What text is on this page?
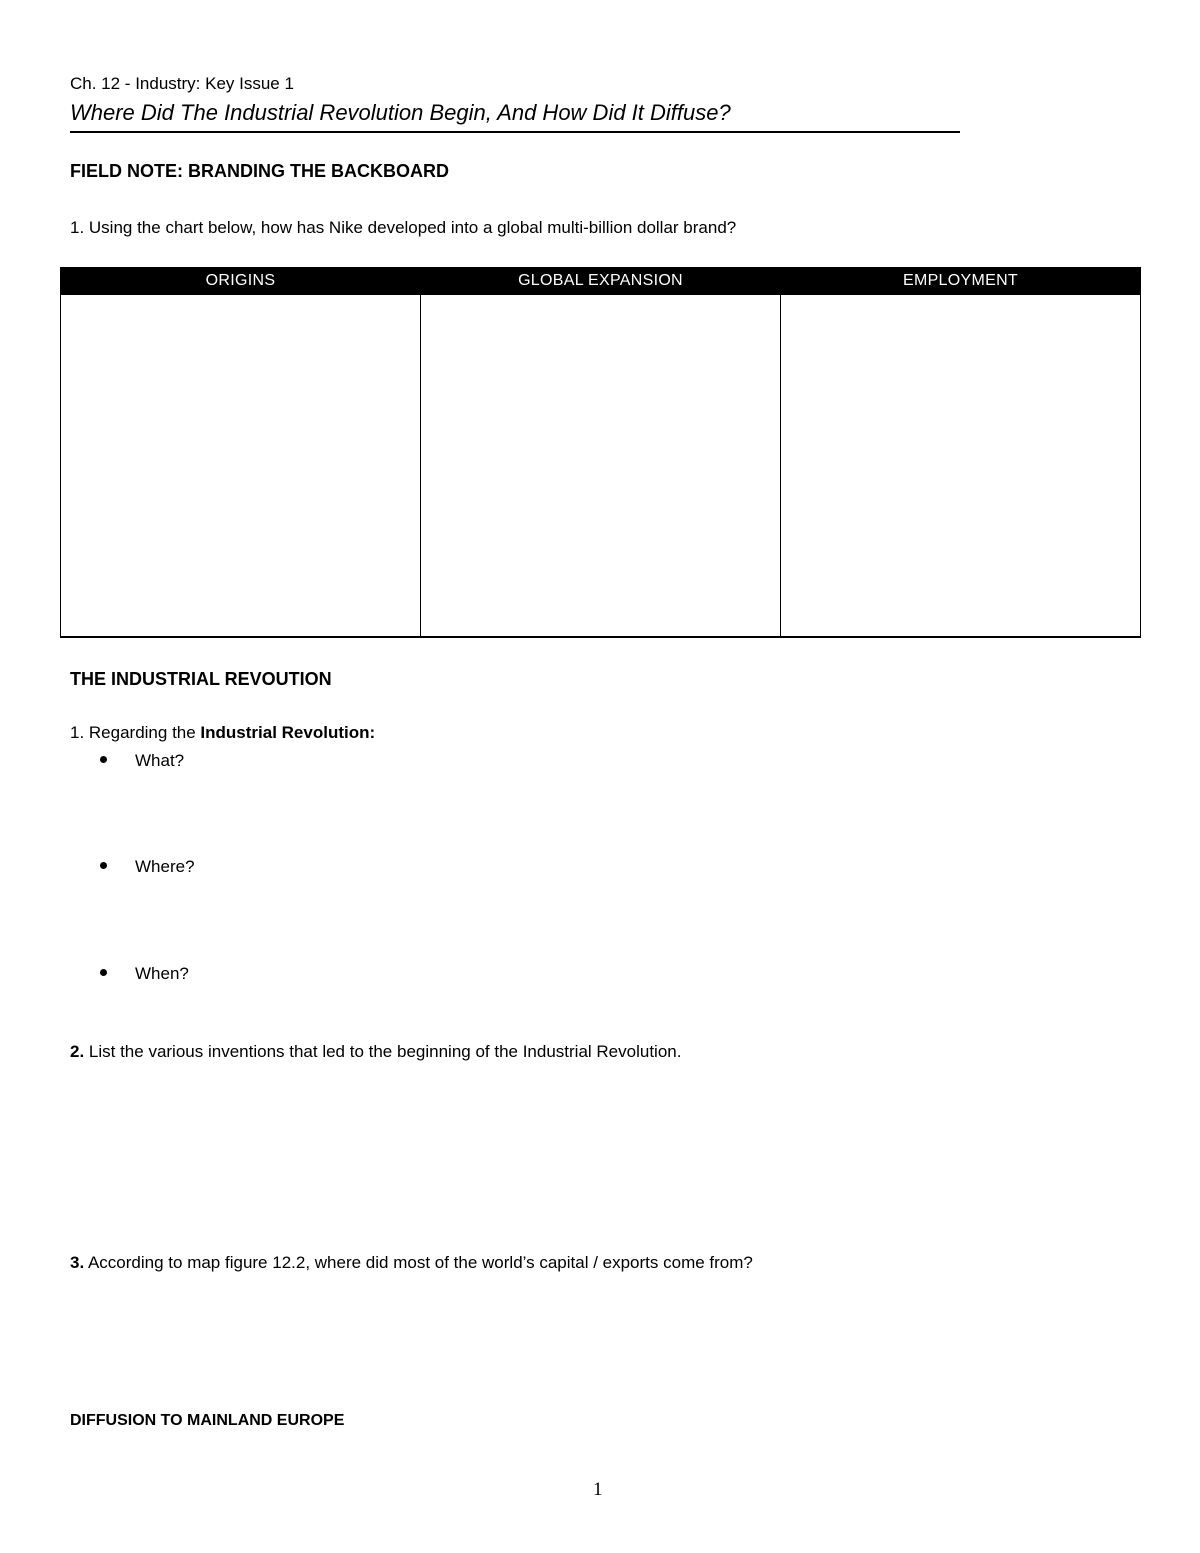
Ch. 12 - Industry: Key Issue 1
Where Did The Industrial Revolution Begin, And How Did It Diffuse?
FIELD NOTE: BRANDING THE BACKBOARD
1. Using the chart below, how has Nike developed into a global multi-billion dollar brand?
ORIGINS	GLOBAL EXPANSION	EMPLOYMENT

THE INDUSTRIAL REVOUTION
1. Regarding the Industrial Revolution:
What?
Where?
When?
2. List the various inventions that led to the beginning of the Industrial Revolution.
3. According to map figure 12.2, where did most of the world’s capital / exports come from?
DIFFUSION TO MAINLAND EUROPE
1
